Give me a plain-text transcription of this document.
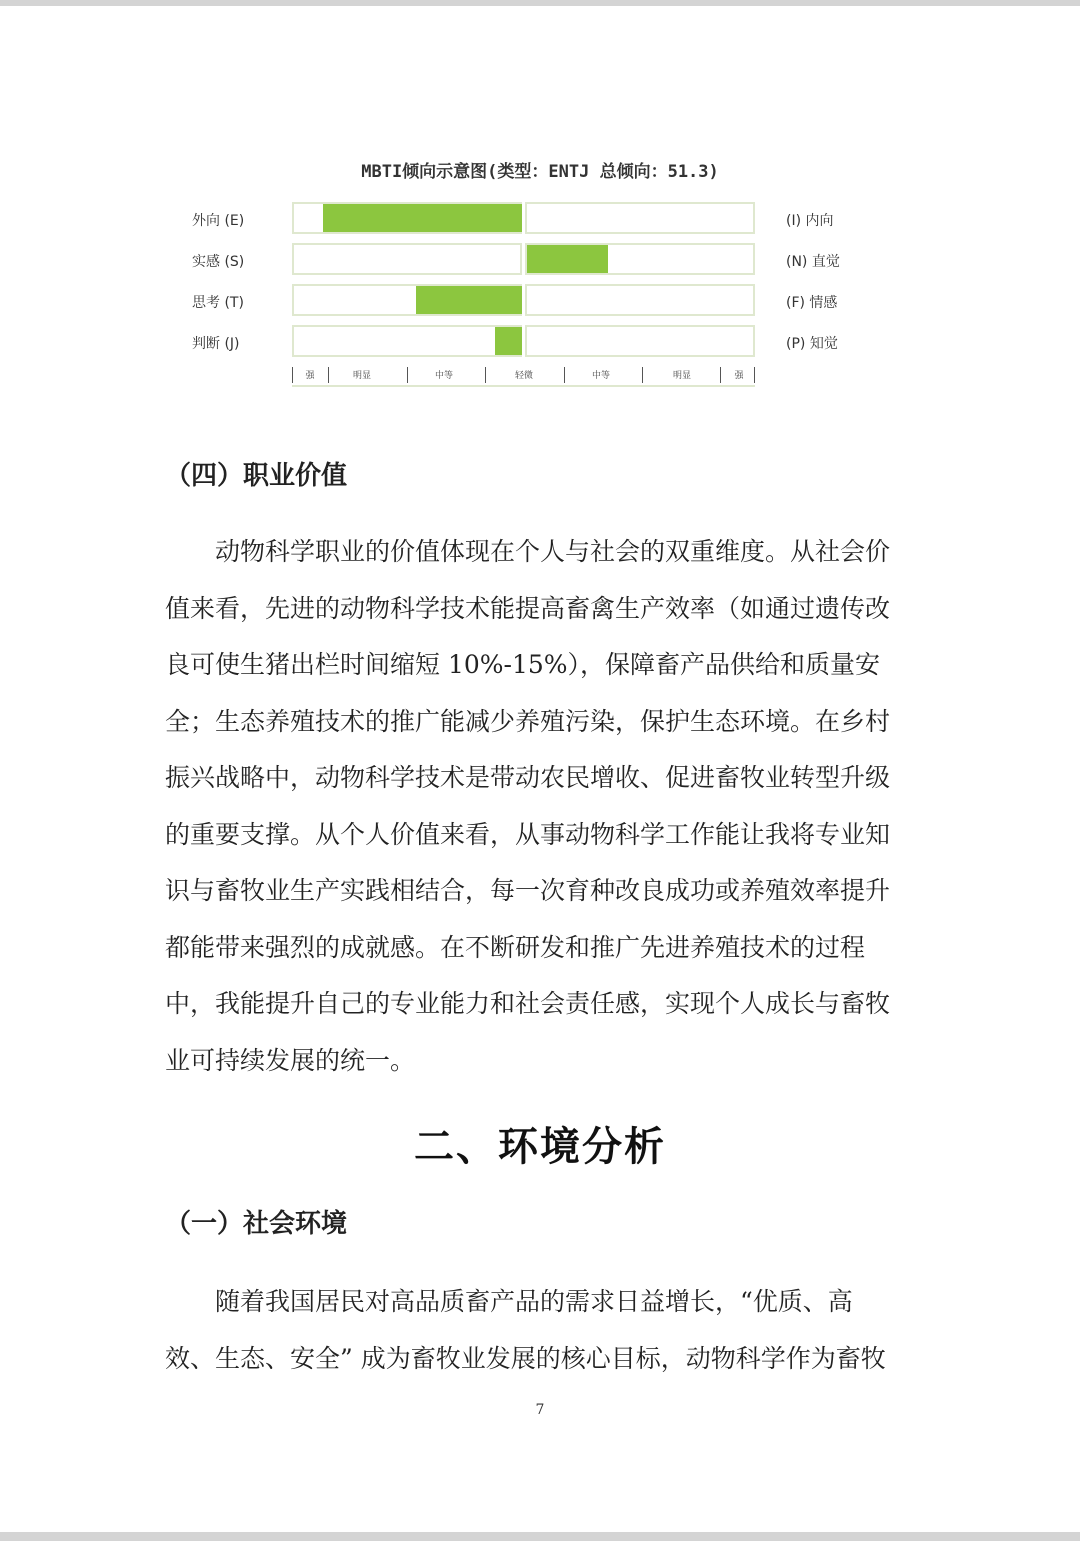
MBTI倾向示意图(类型：ENTJ 总倾向：51.3)
外向 (E)	(I) 内向
实感 (S)	(N) 直觉
思考 (T)	(F) 情感
判断 (J)	(P) 知觉
强	明显	中等	轻微	中等	明显	强
（四）职业价值
　　动物科学职业的价值体现在个人与社会的双重维度。从社会价
值来看，先进的动物科学技术能提高畜禽生产效率（如通过遗传改
良可使生猪出栏时间缩短 10%-15%），保障畜产品供给和质量安
全；生态养殖技术的推广能减少养殖污染，保护生态环境。在乡村
振兴战略中，动物科学技术是带动农民增收、促进畜牧业转型升级
的重要支撑。从个人价值来看，从事动物科学工作能让我将专业知
识与畜牧业生产实践相结合，每一次育种改良成功或养殖效率提升
都能带来强烈的成就感。在不断研发和推广先进养殖技术的过程
中，我能提升自己的专业能力和社会责任感，实现个人成长与畜牧
业可持续发展的统一。
二、环境分析
（一）社会环境
　　随着我国居民对高品质畜产品的需求日益增长，“优质、高
效、生态、安全” 成为畜牧业发展的核心目标，动物科学作为畜牧
7
